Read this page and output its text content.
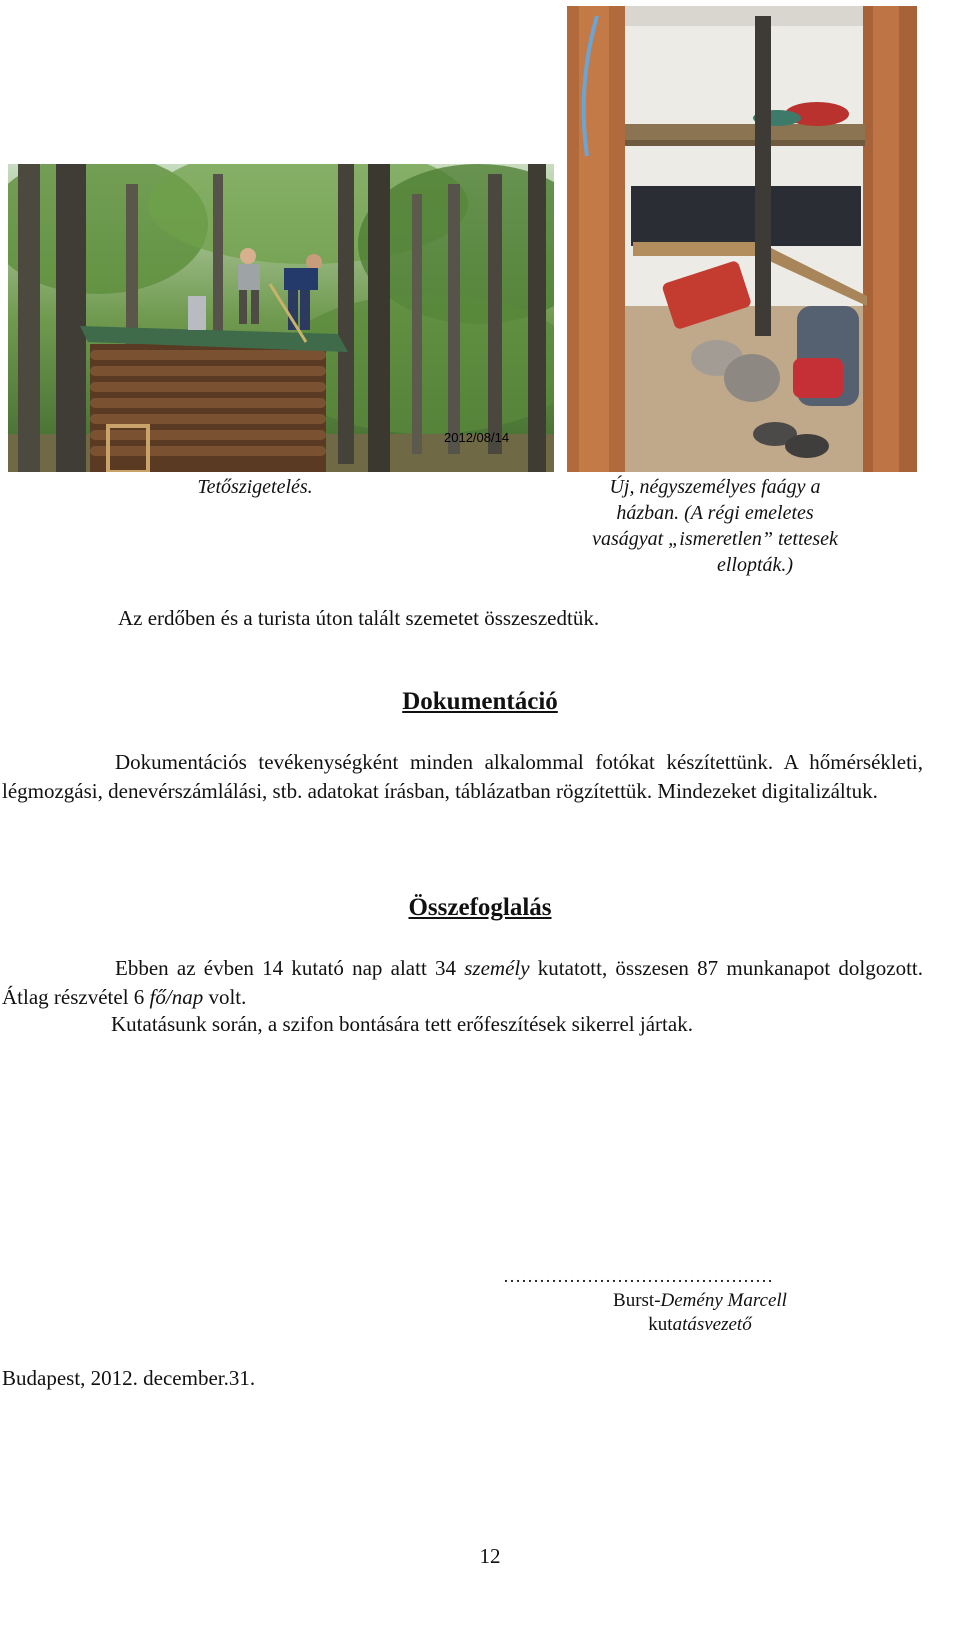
2012/08/14
Tetőszigetelés.	Új, négyszemélyes faágy a
házban. (A régi emeletes
vaságyat „ismeretlen” tettesek
ellopták.)
Az erdőben és a turista úton talált szemetet összeszedtük.
Dokumentáció
Dokumentációs tevékenységként minden alkalommal fotókat készítettünk. A hőmérsékleti, légmozgási, denevérszámlálási, stb. adatokat írásban, táblázatban rögzítettük. Mindezeket digitalizáltuk.
Összefoglalás
Ebben az évben 14 kutató nap alatt 34 személy kutatott, összesen 87 munkanapot dolgozott. Átlag részvétel 6 fő/nap volt.
Kutatásunk során, a szifon bontására tett erőfeszítések sikerrel jártak.
………………………………………
Burst-Demény Marcell
kutatásvezető
Budapest, 2012. december.31.
12
